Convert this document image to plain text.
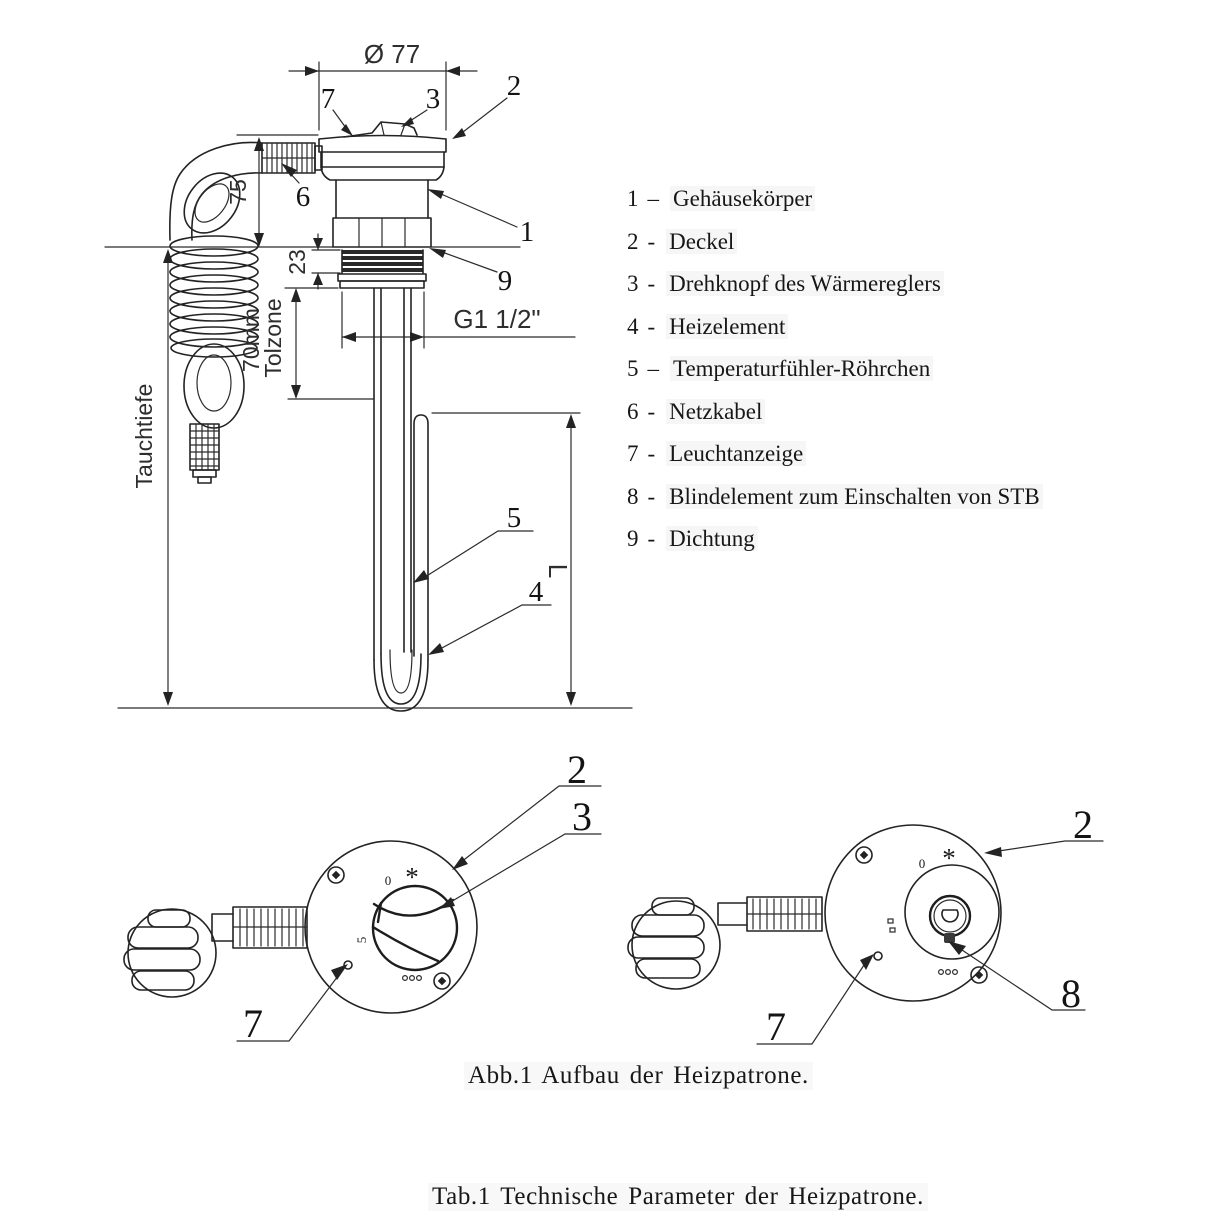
Ø 77
23
75
Tauchtiefe
70mm
Tolzone	G1 1/2"
L
7	3 2
6
1
9
5
4
*
0
5
2
3
7
*
0
2
7
8
1 – Gehäusekörper
2 - Deckel
3 - Drehknopf des Wärmereglers
4 - Heizelement
5 – Temperaturfühler-Röhrchen
6 - Netzkabel
7 - Leuchtanzeige
8 - Blindelement zum Einschalten von STB
9 - Dichtung
Abb.1 Aufbau der Heizpatrone.
Tab.1 Technische Parameter der Heizpatrone.
